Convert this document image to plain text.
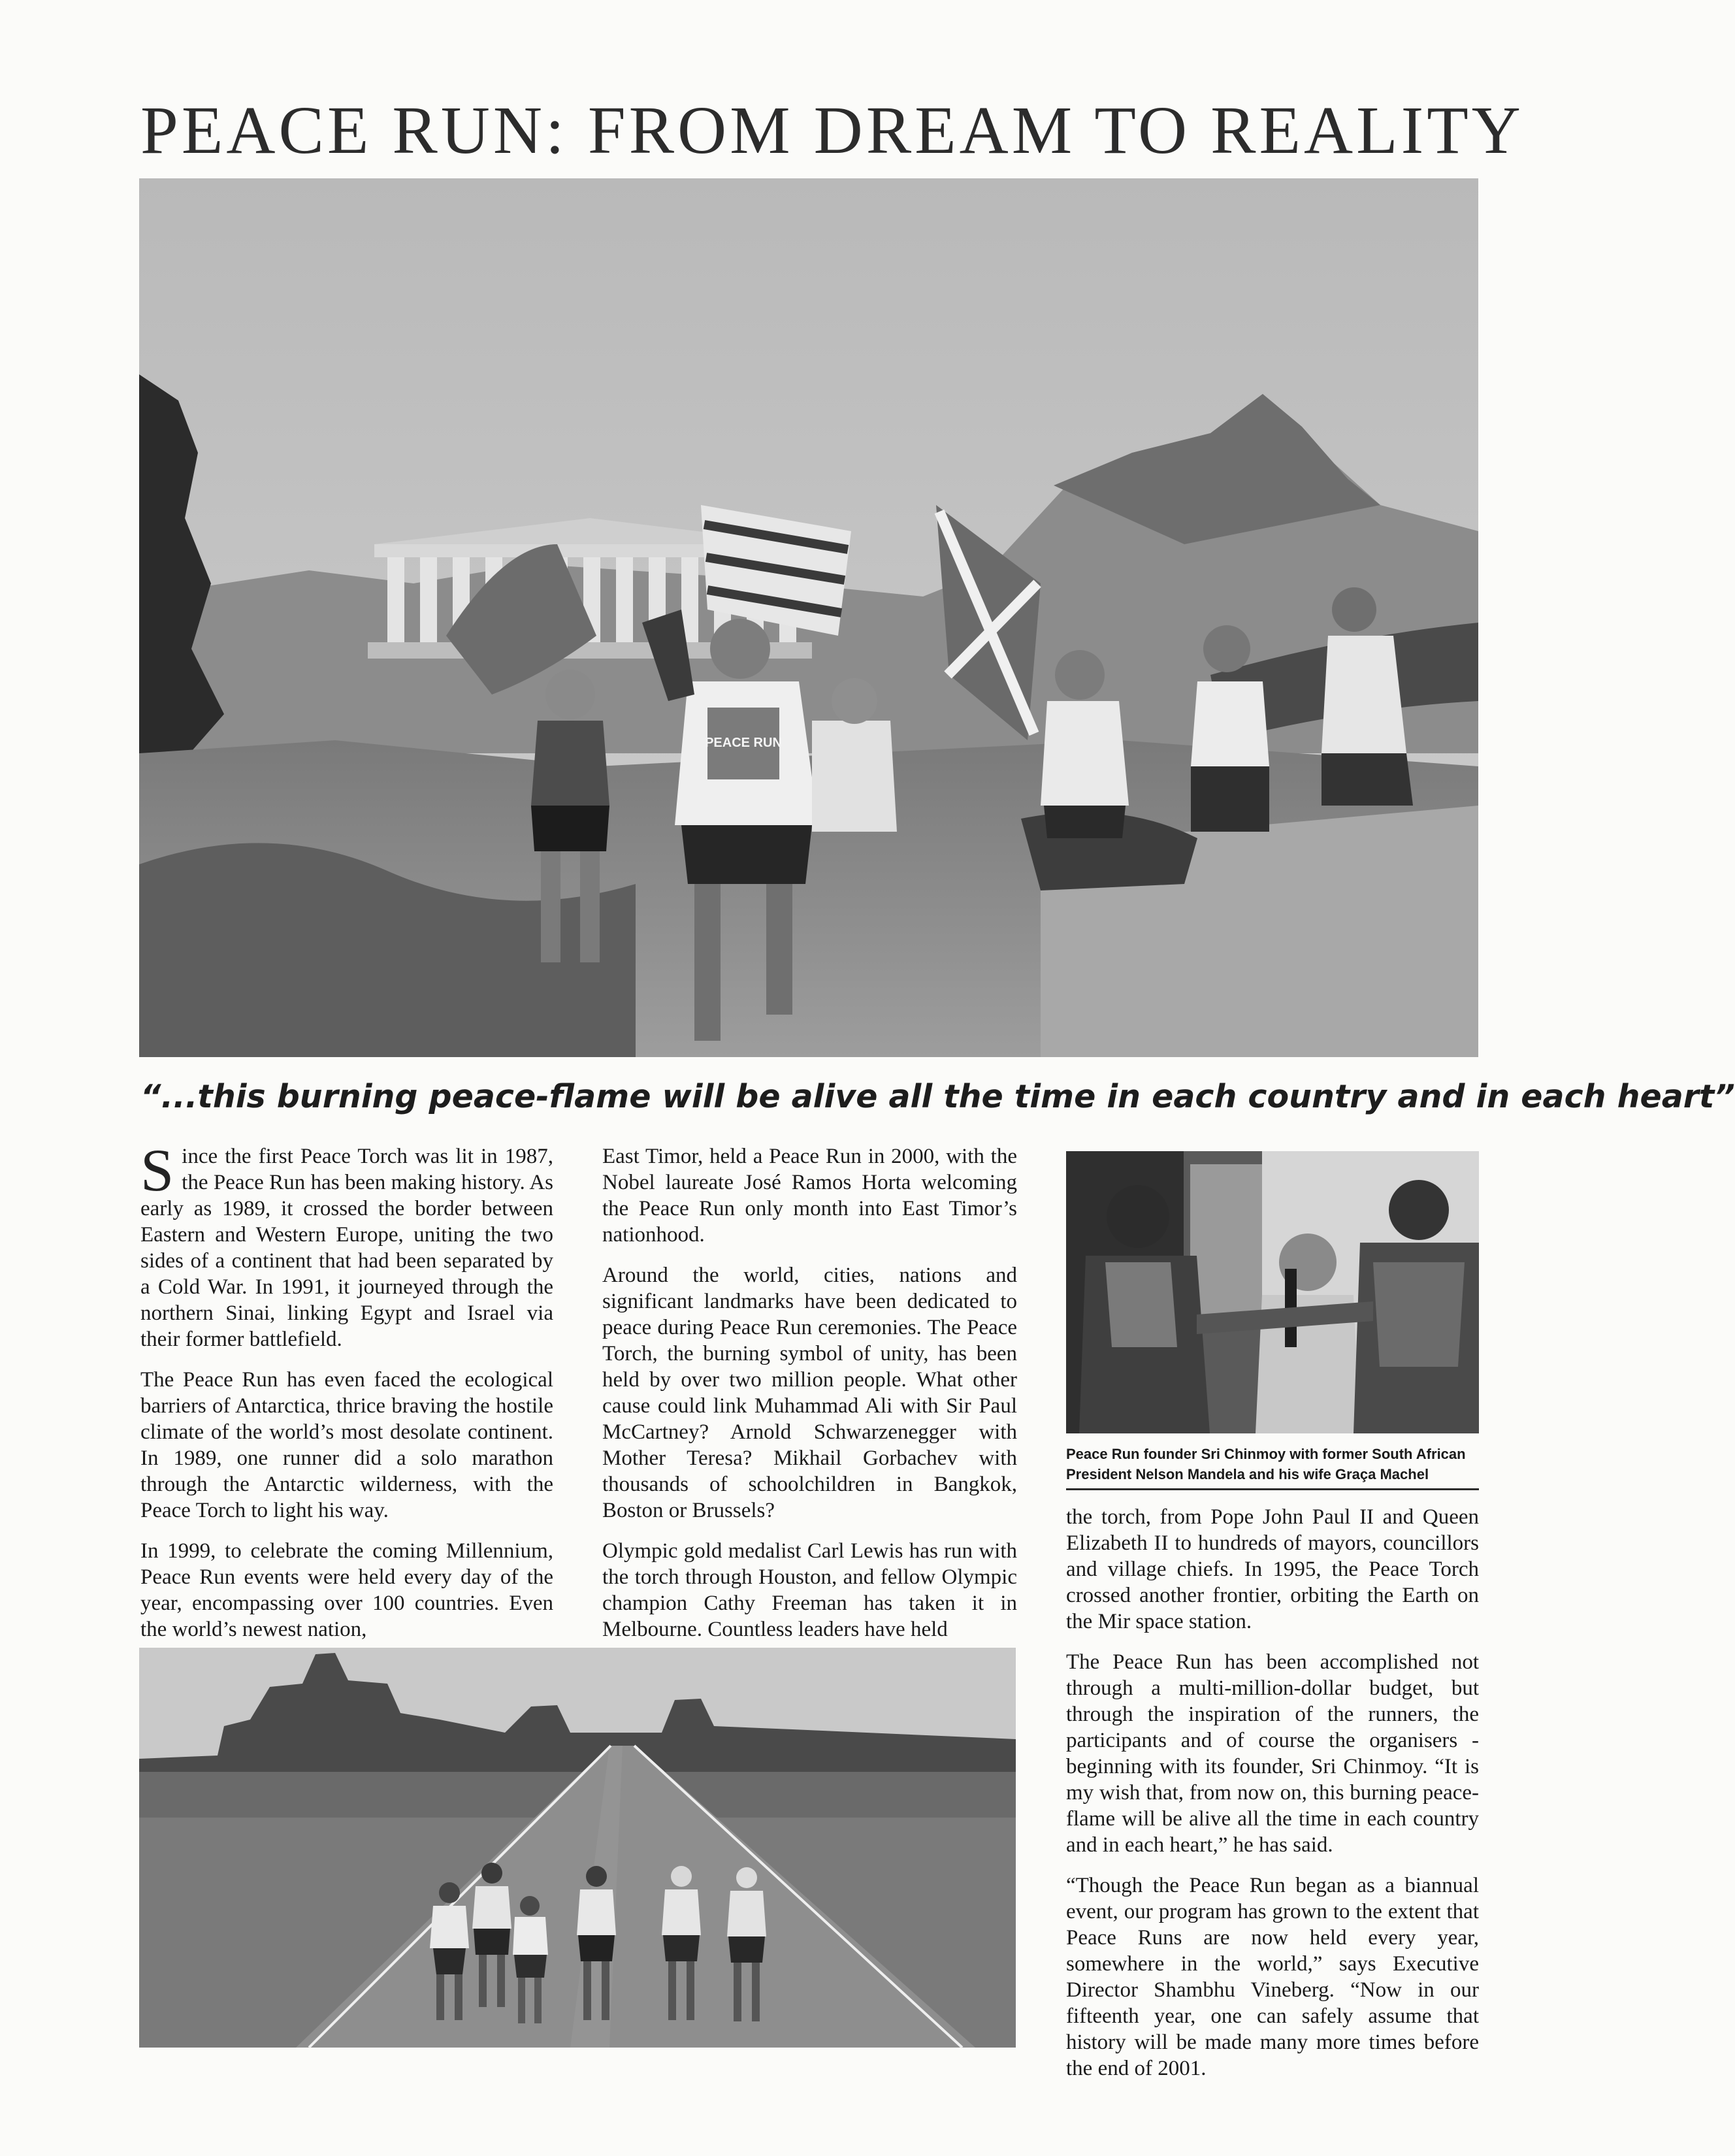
PEACE RUN: FROM DREAM TO REALITY
PEACE RUN
“...this burning peace-flame will be alive all the time in each country and in each heart”

Since the first Peace Torch was lit in 1987, the Peace Run has been making history. As early as 1989, it crossed the border between Eastern and Western Europe, uniting the two sides of a continent that had been separated by a Cold War. In 1991, it journeyed through the northern Sinai, linking Egypt and Israel via their former battlefield.

The Peace Run has even faced the ecological barriers of Antarctica, thrice braving the hostile climate of the world’s most desolate continent. In 1989, one runner did a solo marathon through the Antarctic wilderness, with the Peace Torch to light his way.

In 1999, to celebrate the coming Millennium, Peace Run events were held every day of the year, encompassing over 100 countries. Even the world’s newest nation,

East Timor, held a Peace Run in 2000, with the Nobel laureate José Ramos Horta welcoming the Peace Run only month into East Timor’s nationhood.

Around the world, cities, nations and significant landmarks have been dedicated to peace during Peace Run ceremonies. The Peace Torch, the burning symbol of unity, has been held by over two million people. What other cause could link Muhammad Ali with Sir Paul McCartney? Arnold Schwarzenegger with Mother Teresa? Mikhail Gorbachev with thousands of schoolchildren in Bangkok, Boston or Brussels?

Olympic gold medalist Carl Lewis has run with the torch through Houston, and fellow Olympic champion Cathy Freeman has taken it in Melbourne. Countless leaders have held

Peace Run founder Sri Chinmoy with former South African President Nelson Mandela and his wife Graça Machel

the torch, from Pope John Paul II and Queen Elizabeth II to hundreds of mayors, councillors and village chiefs. In 1995, the Peace Torch crossed another frontier, orbiting the Earth on the Mir space station.

The Peace Run has been accomplished not through a multi-million-dollar budget, but through the inspiration of the runners, the participants and of course the organisers - beginning with its founder, Sri Chinmoy. “It is my wish that, from now on, this burning peace-flame will be alive all the time in each country and in each heart,” he has said.

“Though the Peace Run began as a biannual event, our program has grown to the extent that Peace Runs are now held every year, somewhere in the world,” says Executive Director Shambhu Vineberg. “Now in our fifteenth year, one can safely assume that history will be made many more times before the end of 2001.
